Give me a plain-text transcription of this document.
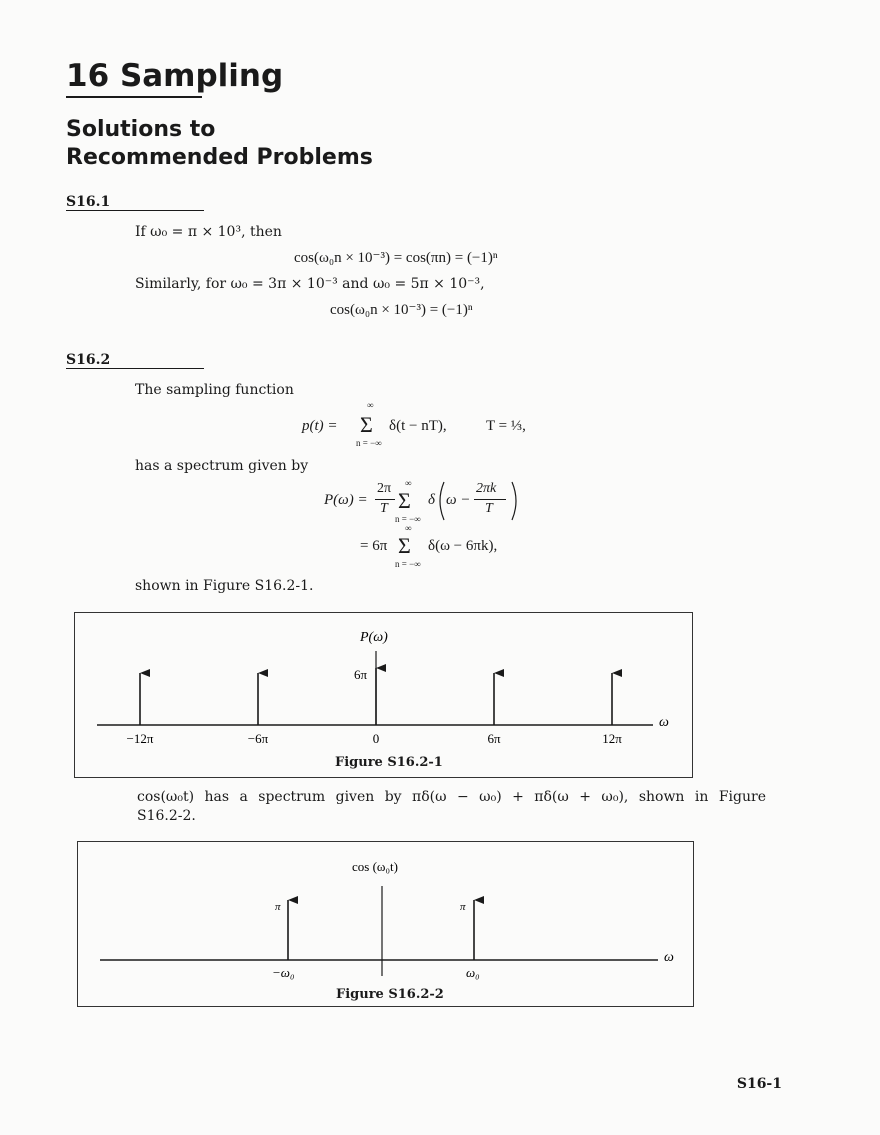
16 Sampling
Solutions to
Recommended Problems
S16.1
If ω₀ = π × 10³, then
cos(ω₀n × 10⁻³) = cos(πn) = (−1)ⁿ
Similarly, for ω₀ = 3π × 10⁻³ and ω₀ = 5π × 10⁻³,
cos(ω₀n × 10⁻³) = (−1)ⁿ
S16.2
The sampling function
p(t) =
∞
Σ
n = −∞
δ(t − nT),	T = ⅓,
has a spectrum given by
P(ω) =
2π
T
∞
Σ
n = −∞
δ ω −
2πk
T
= 6π
∞
Σ
n = −∞
δ(ω − 6πk),
shown in Figure S16.2-1.
ω
P(ω)
6π
−12π	−6π	0	6π	12π
Figure S16.2-1
cos(ω₀t) has a spectrum given by πδ(ω − ω₀) + πδ(ω + ω₀), shown in Figure
S16.2-2.
ω
cos (ω₀t)
π	π
−ω₀	ω₀
Figure S16.2-2
S16-1
